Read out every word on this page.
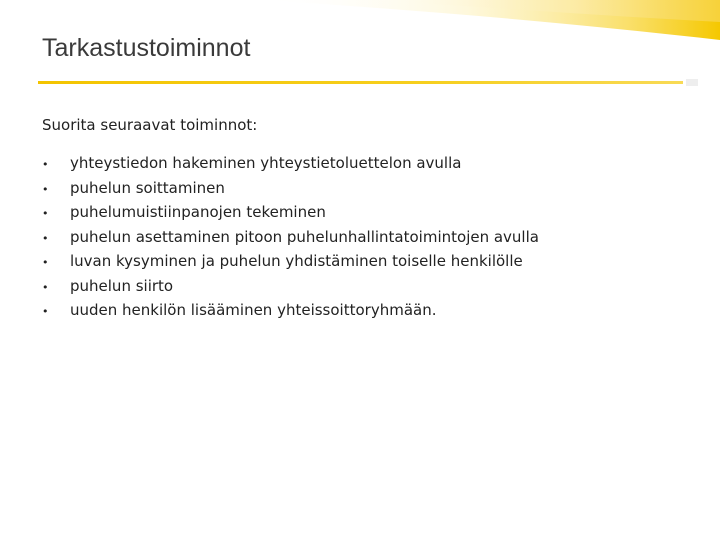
Tarkastustoiminnot

Suorita seuraavat toiminnot:

•	yhteystiedon hakeminen yhteystietoluettelon avulla
•	puhelun soittaminen
•	puhelumuistiinpanojen tekeminen
•	puhelun asettaminen pitoon puhelunhallintatoimintojen avulla
•	luvan kysyminen ja puhelun yhdistäminen toiselle henkilölle
•	puhelun siirto
•	uuden henkilön lisääminen yhteissoittoryhmään.
